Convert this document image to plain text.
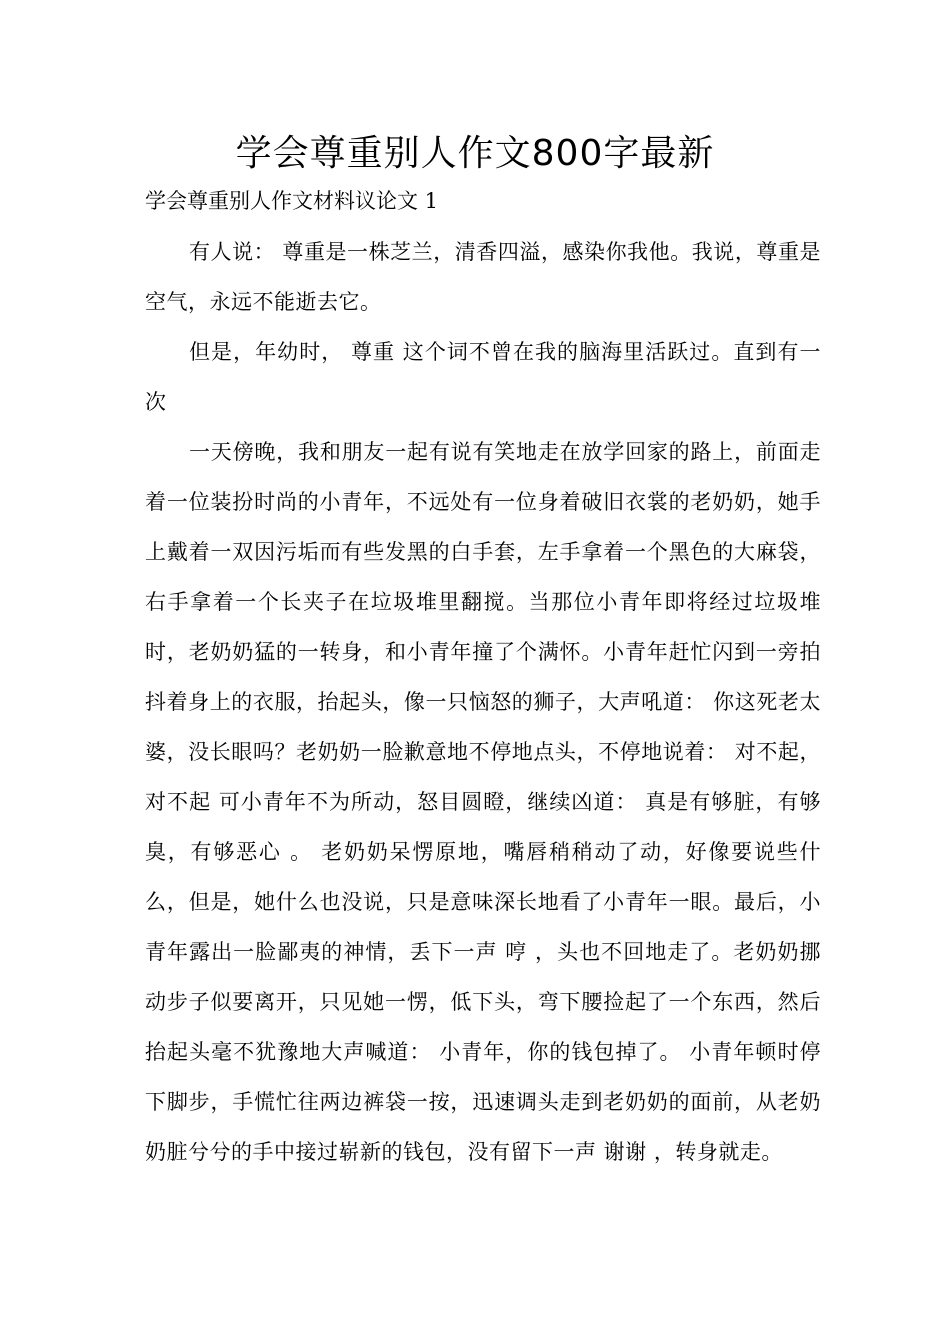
学会尊重别人作文800字最新

学会尊重别人作文材料议论文 1

有人说： 尊重是一株芝兰，清香四溢，感染你我他。我说，尊重是空气，永远不能逝去它。

但是，年幼时， 尊重 这个词不曾在我的脑海里活跃过。直到有一次

一天傍晚，我和朋友一起有说有笑地走在放学回家的路上，前面走着一位装扮时尚的小青年，不远处有一位身着破旧衣裳的老奶奶，她手上戴着一双因污垢而有些发黑的白手套，左手拿着一个黑色的大麻袋，右手拿着一个长夹子在垃圾堆里翻搅。当那位小青年即将经过垃圾堆时，老奶奶猛的一转身，和小青年撞了个满怀。小青年赶忙闪到一旁拍抖着身上的衣服，抬起头，像一只恼怒的狮子，大声吼道： 你这死老太婆，没长眼吗？老奶奶一脸歉意地不停地点头，不停地说着： 对不起，对不起 可小青年不为所动，怒目圆瞪，继续凶道： 真是有够脏，有够臭，有够恶心 。 老奶奶呆愣原地，嘴唇稍稍动了动，好像要说些什么，但是，她什么也没说，只是意味深长地看了小青年一眼。最后，小青年露出一脸鄙夷的神情，丢下一声 哼 ，头也不回地走了。老奶奶挪动步子似要离开，只见她一愣，低下头，弯下腰捡起了一个东西，然后抬起头毫不犹豫地大声喊道： 小青年，你的钱包掉了。 小青年顿时停下脚步，手慌忙往两边裤袋一按，迅速调头走到老奶奶的面前，从老奶奶脏兮兮的手中接过崭新的钱包，没有留下一声 谢谢 ，转身就走。
